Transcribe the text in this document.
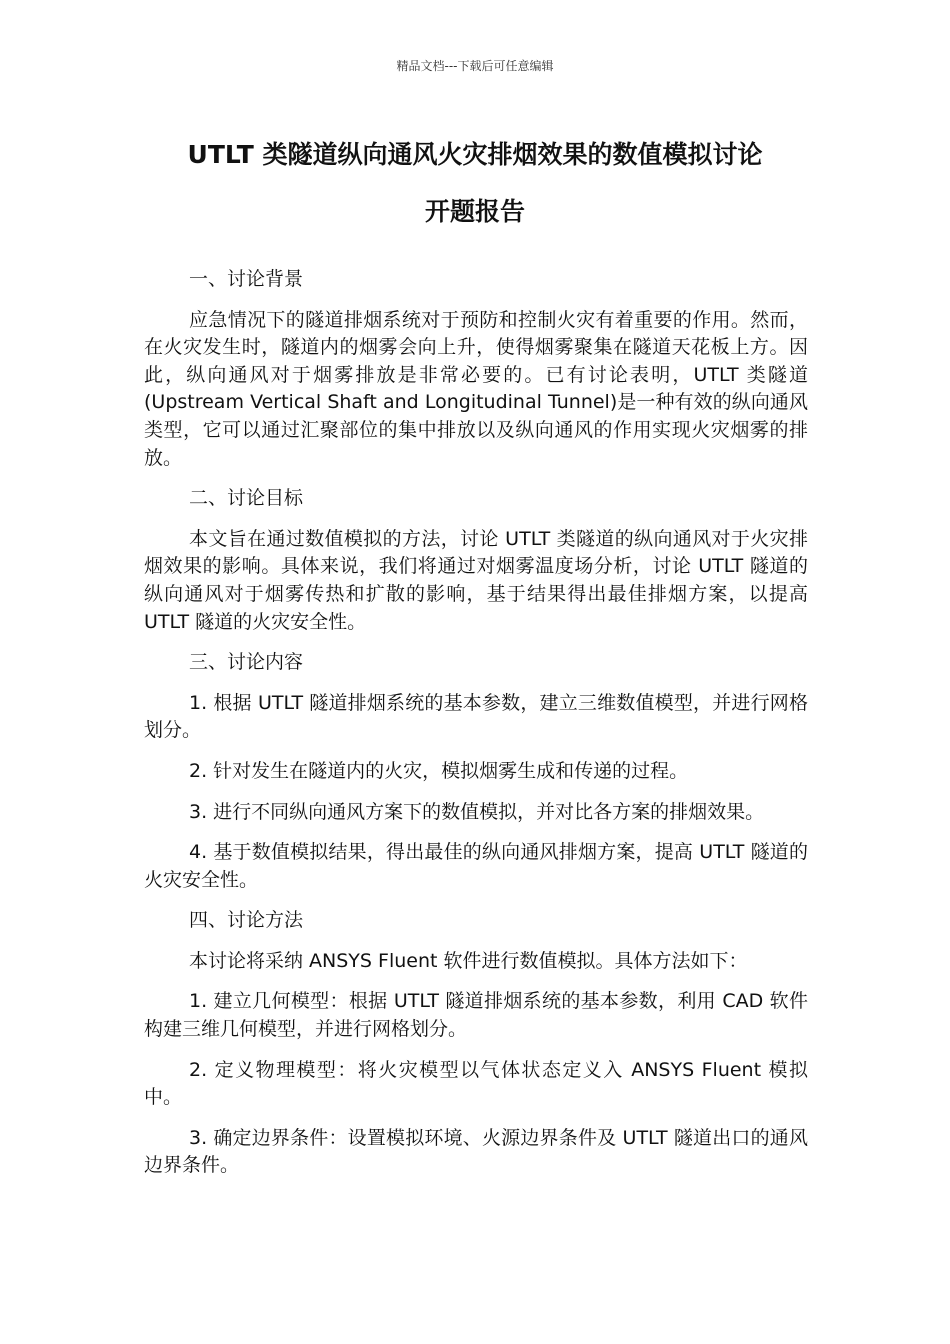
精品文档---下载后可任意编辑
UTLT 类隧道纵向通风火灾排烟效果的数值模拟讨论
开题报告

一、讨论背景

应急情况下的隧道排烟系统对于预防和控制火灾有着重要的作用。然而，在火灾发生时，隧道内的烟雾会向上升，使得烟雾聚集在隧道天花板上方。因此，纵向通风对于烟雾排放是非常必要的。已有讨论表明，UTLT 类隧道(Upstream Vertical Shaft and Longitudinal Tunnel)是一种有效的纵向通风类型，它可以通过汇聚部位的集中排放以及纵向通风的作用实现火灾烟雾的排放。

二、讨论目标

本文旨在通过数值模拟的方法，讨论 UTLT 类隧道的纵向通风对于火灾排烟效果的影响。具体来说，我们将通过对烟雾温度场分析，讨论 UTLT 隧道的纵向通风对于烟雾传热和扩散的影响，基于结果得出最佳排烟方案，以提高 UTLT 隧道的火灾安全性。

三、讨论内容

1. 根据 UTLT 隧道排烟系统的基本参数，建立三维数值模型，并进行网格划分。

2. 针对发生在隧道内的火灾，模拟烟雾生成和传递的过程。

3. 进行不同纵向通风方案下的数值模拟，并对比各方案的排烟效果。

4. 基于数值模拟结果，得出最佳的纵向通风排烟方案，提高 UTLT 隧道的火灾安全性。

四、讨论方法

本讨论将采纳 ANSYS Fluent 软件进行数值模拟。具体方法如下：

1. 建立几何模型：根据 UTLT 隧道排烟系统的基本参数，利用 CAD 软件构建三维几何模型，并进行网格划分。

2. 定义物理模型：将火灾模型以气体状态定义入 ANSYS Fluent 模拟中。

3. 确定边界条件：设置模拟环境、火源边界条件及 UTLT 隧道出口的通风边界条件。
